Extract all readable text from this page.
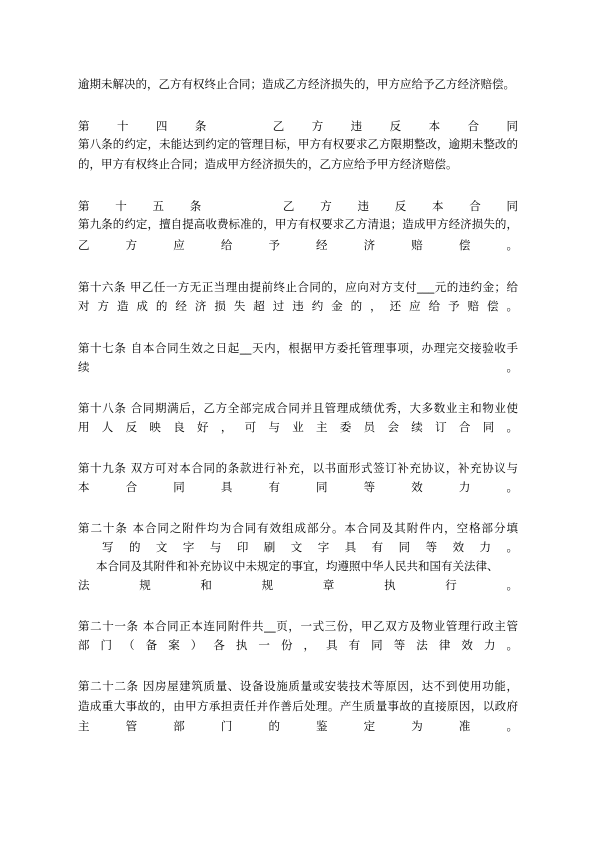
逾期未解决的，乙方有权终止合同；造成乙方经济损失的，甲方应给予乙方经济赔偿。
第　十　四　条　　　乙　方　违　反　本　合　同
第八条的约定，未能达到约定的管理目标，甲方有权要求乙方限期整改，逾期未整改的
的，甲方有权终止合同；造成甲方经济损失的，乙方应给予甲方经济赔偿。
第　十　五　条　　　　乙　方　违　反　本　合　同
第九条的约定，擅自提高收费标准的，甲方有权要求乙方清退；造成甲方经济损失的，
乙　方　应　给　予　经　济　赔　偿　。
第十六条 甲乙任一方无正当理由提前终止合同的，应向对方支付___元的违约金；给
对方造成的经济损失超过违约金的，还应给予赔偿。
第十七条 自本合同生效之日起__天内，根据甲方委托管理事项，办理完交接验收手
续　　　　　　　　　　　　　　　　　　　　　　　　　　　。
第十八条 合同期满后，乙方全部完成合同并且管理成绩优秀，大多数业主和物业使
用人反映良好，可与业主委员会续订合同。
第十九条 双方可对本合同的条款进行补充，以书面形式签订补充协议，补充协议与
本　合　同　具　有　同　等　效　力　。
第二十条 本合同之附件均为合同有效组成部分。本合同及其附件内，空格部分填
写的文字与印刷文字具有同等效力。
本合同及其附件和补充协议中未规定的事宜，均遵照中华人民共和国有关法律、
法　规　和　规　章　执　行　。
第二十一条 本合同正本连同附件共__页，一式三份，甲乙双方及物业管理行政主管
部门（备案）各执一份，具有同等法律效力。
第二十二条 因房屋建筑质量、设备设施质量或安装技术等原因，达不到使用功能，
造成重大事故的，由甲方承担责任并作善后处理。产生质量事故的直接原因，以政府
主　管　部　门　的　鉴　定　为　准　。
